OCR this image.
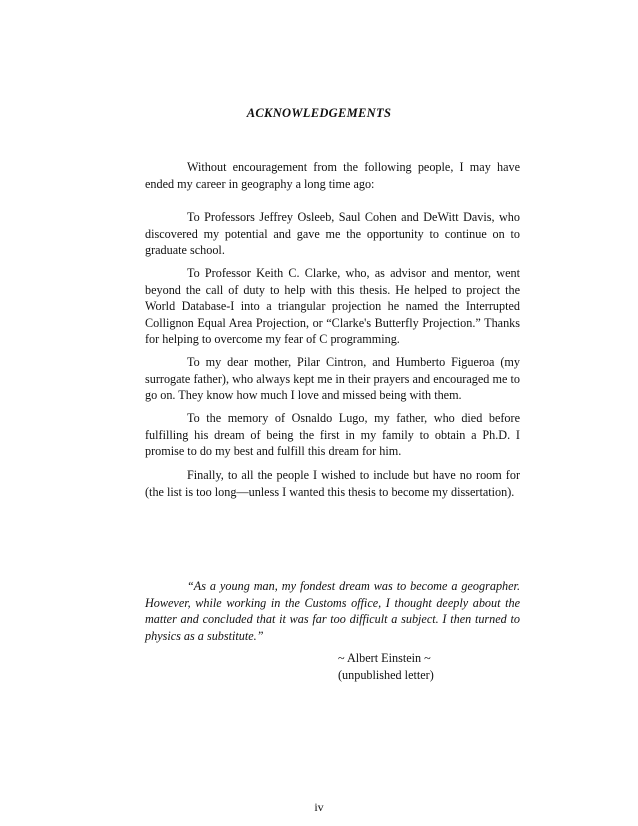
ACKNOWLEDGEMENTS

Without encouragement from the following people, I may have ended my career in geography a long time ago:

To Professors Jeffrey Osleeb, Saul Cohen and DeWitt Davis, who discovered my potential and gave me the opportunity to continue on to graduate school.

To Professor Keith C. Clarke, who, as advisor and mentor, went beyond the call of duty to help with this thesis. He helped to project the World Database-I into a triangular projection he named the Interrupted Collignon Equal Area Projection, or “Clarke's Butterfly Projection.” Thanks for helping to overcome my fear of C programming.

To my dear mother, Pilar Cintron, and Humberto Figueroa (my surrogate father), who always kept me in their prayers and encouraged me to go on. They know how much I love and missed being with them.

To the memory of Osnaldo Lugo, my father, who died before fulfilling his dream of being the first in my family to obtain a Ph.D. I promise to do my best and fulfill this dream for him.

Finally, to all the people I wished to include but have no room for (the list is too long—unless I wanted this thesis to become my dissertation).

“As a young man, my fondest dream was to become a geographer. However, while working in the Customs office, I thought deeply about the matter and concluded that it was far too difficult a subject. I then turned to physics as a substitute.”

~ Albert Einstein ~
(unpublished letter)
iv
